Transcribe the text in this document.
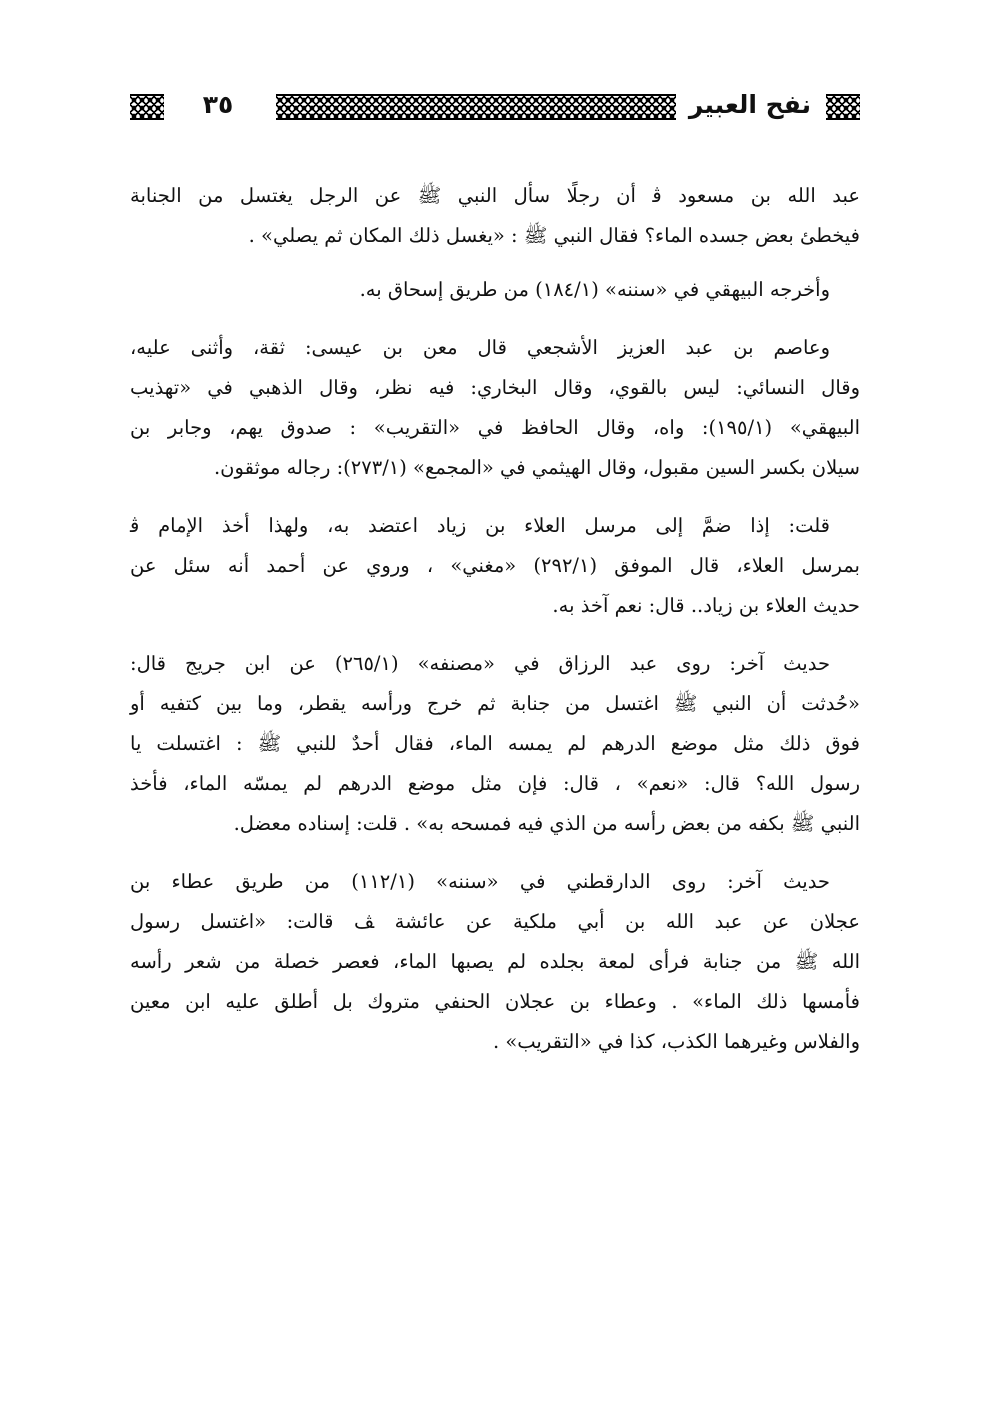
نفح العبير
٣٥
عبد الله بن مسعود ﭬ أن رجلًا سأل النبي ﷺ عن الرجل يغتسل من الجنابة
فيخطئ بعض جسده الماء؟ فقال النبي ﷺ : «يغسل ذلك المكان ثم يصلي» .
وأخرجه البيهقي في «سننه» (١٨٤/١) من طريق إسحاق به.
وعاصم بن عبد العزيز الأشجعي قال معن بن عيسى: ثقة، وأثنى عليه،
وقال النسائي: ليس بالقوي، وقال البخاري: فيه نظر، وقال الذهبي في «تهذيب
البيهقي» (١٩٥/١): واه، وقال الحافظ في «التقريب» : صدوق يهم، وجابر بن
سيلان بكسر السين مقبول، وقال الهيثمي في «المجمع» (٢٧٣/١): رجاله موثقون.
قلت: إذا ضمَّ إلى مرسل العلاء بن زياد اعتضد به، ولهذا أخذ الإمام ﭬ
بمرسل العلاء، قال الموفق (٢٩٢/١) «مغني» ، وروي عن أحمد أنه سئل عن
حديث العلاء بن زياد.. قال: نعم آخذ به.
حديث آخر: روى عبد الرزاق في «مصنفه» (٢٦٥/١) عن ابن جريج قال:
«حُدثت أن النبي ﷺ اغتسل من جنابة ثم خرج ورأسه يقطر، وما بين كتفيه أو
فوق ذلك مثل موضع الدرهم لم يمسه الماء، فقال أحدٌ للنبي ﷺ : اغتسلت يا
رسول الله؟ قال: «نعم» ، قال: فإن مثل موضع الدرهم لم يمسّه الماء، فأخذ
النبي ﷺ بكفه من بعض رأسه من الذي فيه فمسحه به» . قلت: إسناده معضل.
حديث آخر: روى الدارقطني في «سننه» (١١٢/١) من طريق عطاء بن
عجلان عن عبد الله بن أبي ملكية عن عائشة ﭫ قالت: «اغتسل رسول
الله ﷺ من جنابة فرأى لمعة بجلده لم يصبها الماء، فعصر خصلة من شعر رأسه
فأمسها ذلك الماء» . وعطاء بن عجلان الحنفي متروك بل أطلق عليه ابن معين
والفلاس وغيرهما الكذب، كذا في «التقريب» .
